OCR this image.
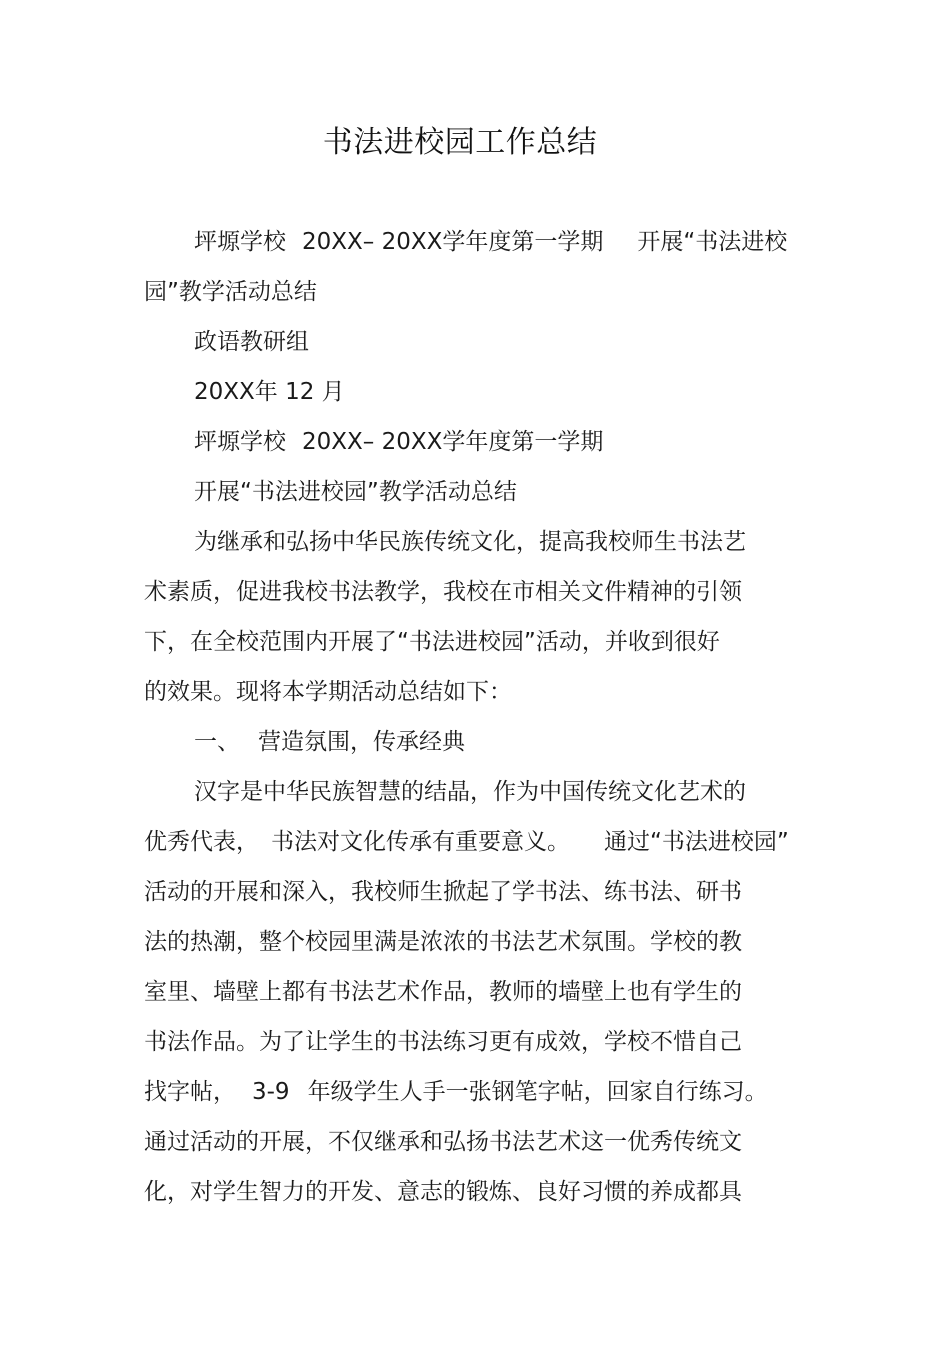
书法进校园工作总结
坪塬学校 20XX– 20XX学年度第一学期 开展“书法进校
园”教学活动总结
政语教研组
20XX年 12 月
坪塬学校 20XX– 20XX学年度第一学期
开展“书法进校园”教学活动总结
为继承和弘扬中华民族传统文化，提高我校师生书法艺
术素质，促进我校书法教学，我校在市相关文件精神的引领
下，在全校范围内开展了“书法进校园”活动，并收到很好
的效果。现将本学期活动总结如下：
一、 营造氛围，传承经典
汉字是中华民族智慧的结晶，作为中国传统文化艺术的
优秀代表， 书法对文化传承有重要意义。 通过“书法进校园”
活动的开展和深入，我校师生掀起了学书法、练书法、研书
法的热潮，整个校园里满是浓浓的书法艺术氛围。学校的教
室里、墙壁上都有书法艺术作品，教师的墙壁上也有学生的
书法作品。为了让学生的书法练习更有成效，学校不惜自己
找字帖， 3-9 年级学生人手一张钢笔字帖，回家自行练习。
通过活动的开展，不仅继承和弘扬书法艺术这一优秀传统文
化，对学生智力的开发、意志的锻炼、良好习惯的养成都具
